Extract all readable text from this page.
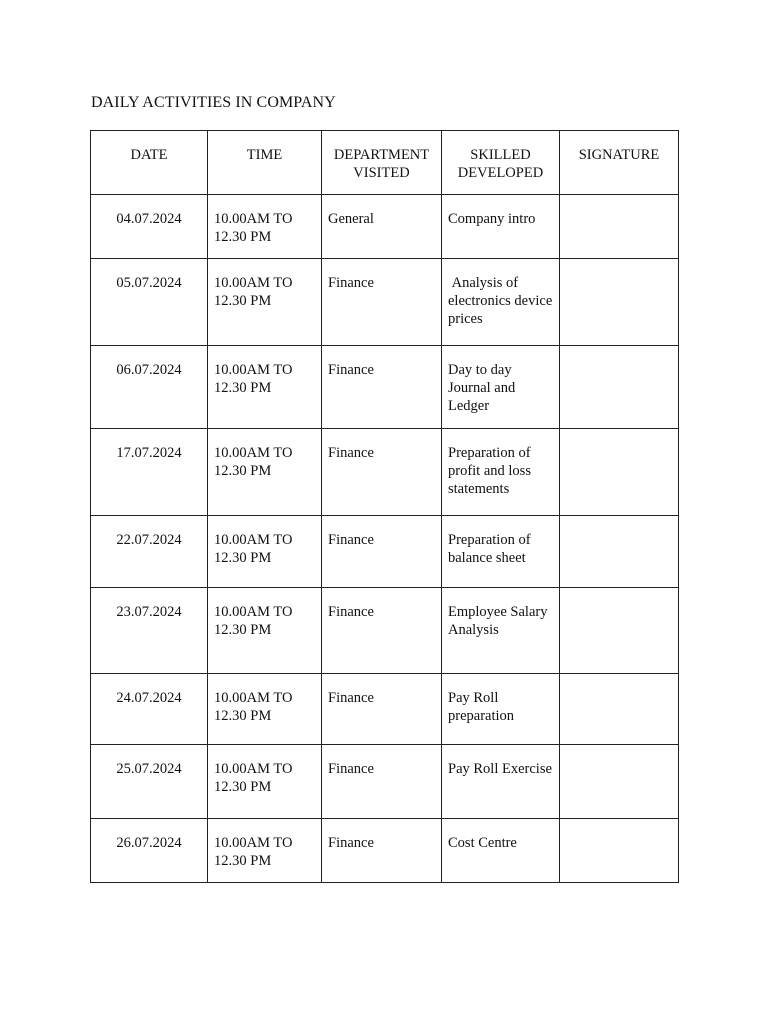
DAILY ACTIVITIES IN COMPANY
DATE	TIME	DEPARTMENT VISITED	SKILLED DEVELOPED	SIGNATURE
04.07.2024	10.00AM TO 12.30 PM	General	Company intro	
05.07.2024	10.00AM TO 12.30 PM	Finance	Analysis of electronics device prices	
06.07.2024	10.00AM TO 12.30 PM	Finance	Day to day Journal and Ledger	
17.07.2024	10.00AM TO 12.30 PM	Finance	Preparation of profit and loss statements	
22.07.2024	10.00AM TO 12.30 PM	Finance	Preparation of balance sheet	
23.07.2024	10.00AM TO 12.30 PM	Finance	Employee Salary Analysis	
24.07.2024	10.00AM TO 12.30 PM	Finance	Pay Roll preparation	
25.07.2024	10.00AM TO 12.30 PM	Finance	Pay Roll Exercise	
26.07.2024	10.00AM TO 12.30 PM	Finance	Cost Centre	
